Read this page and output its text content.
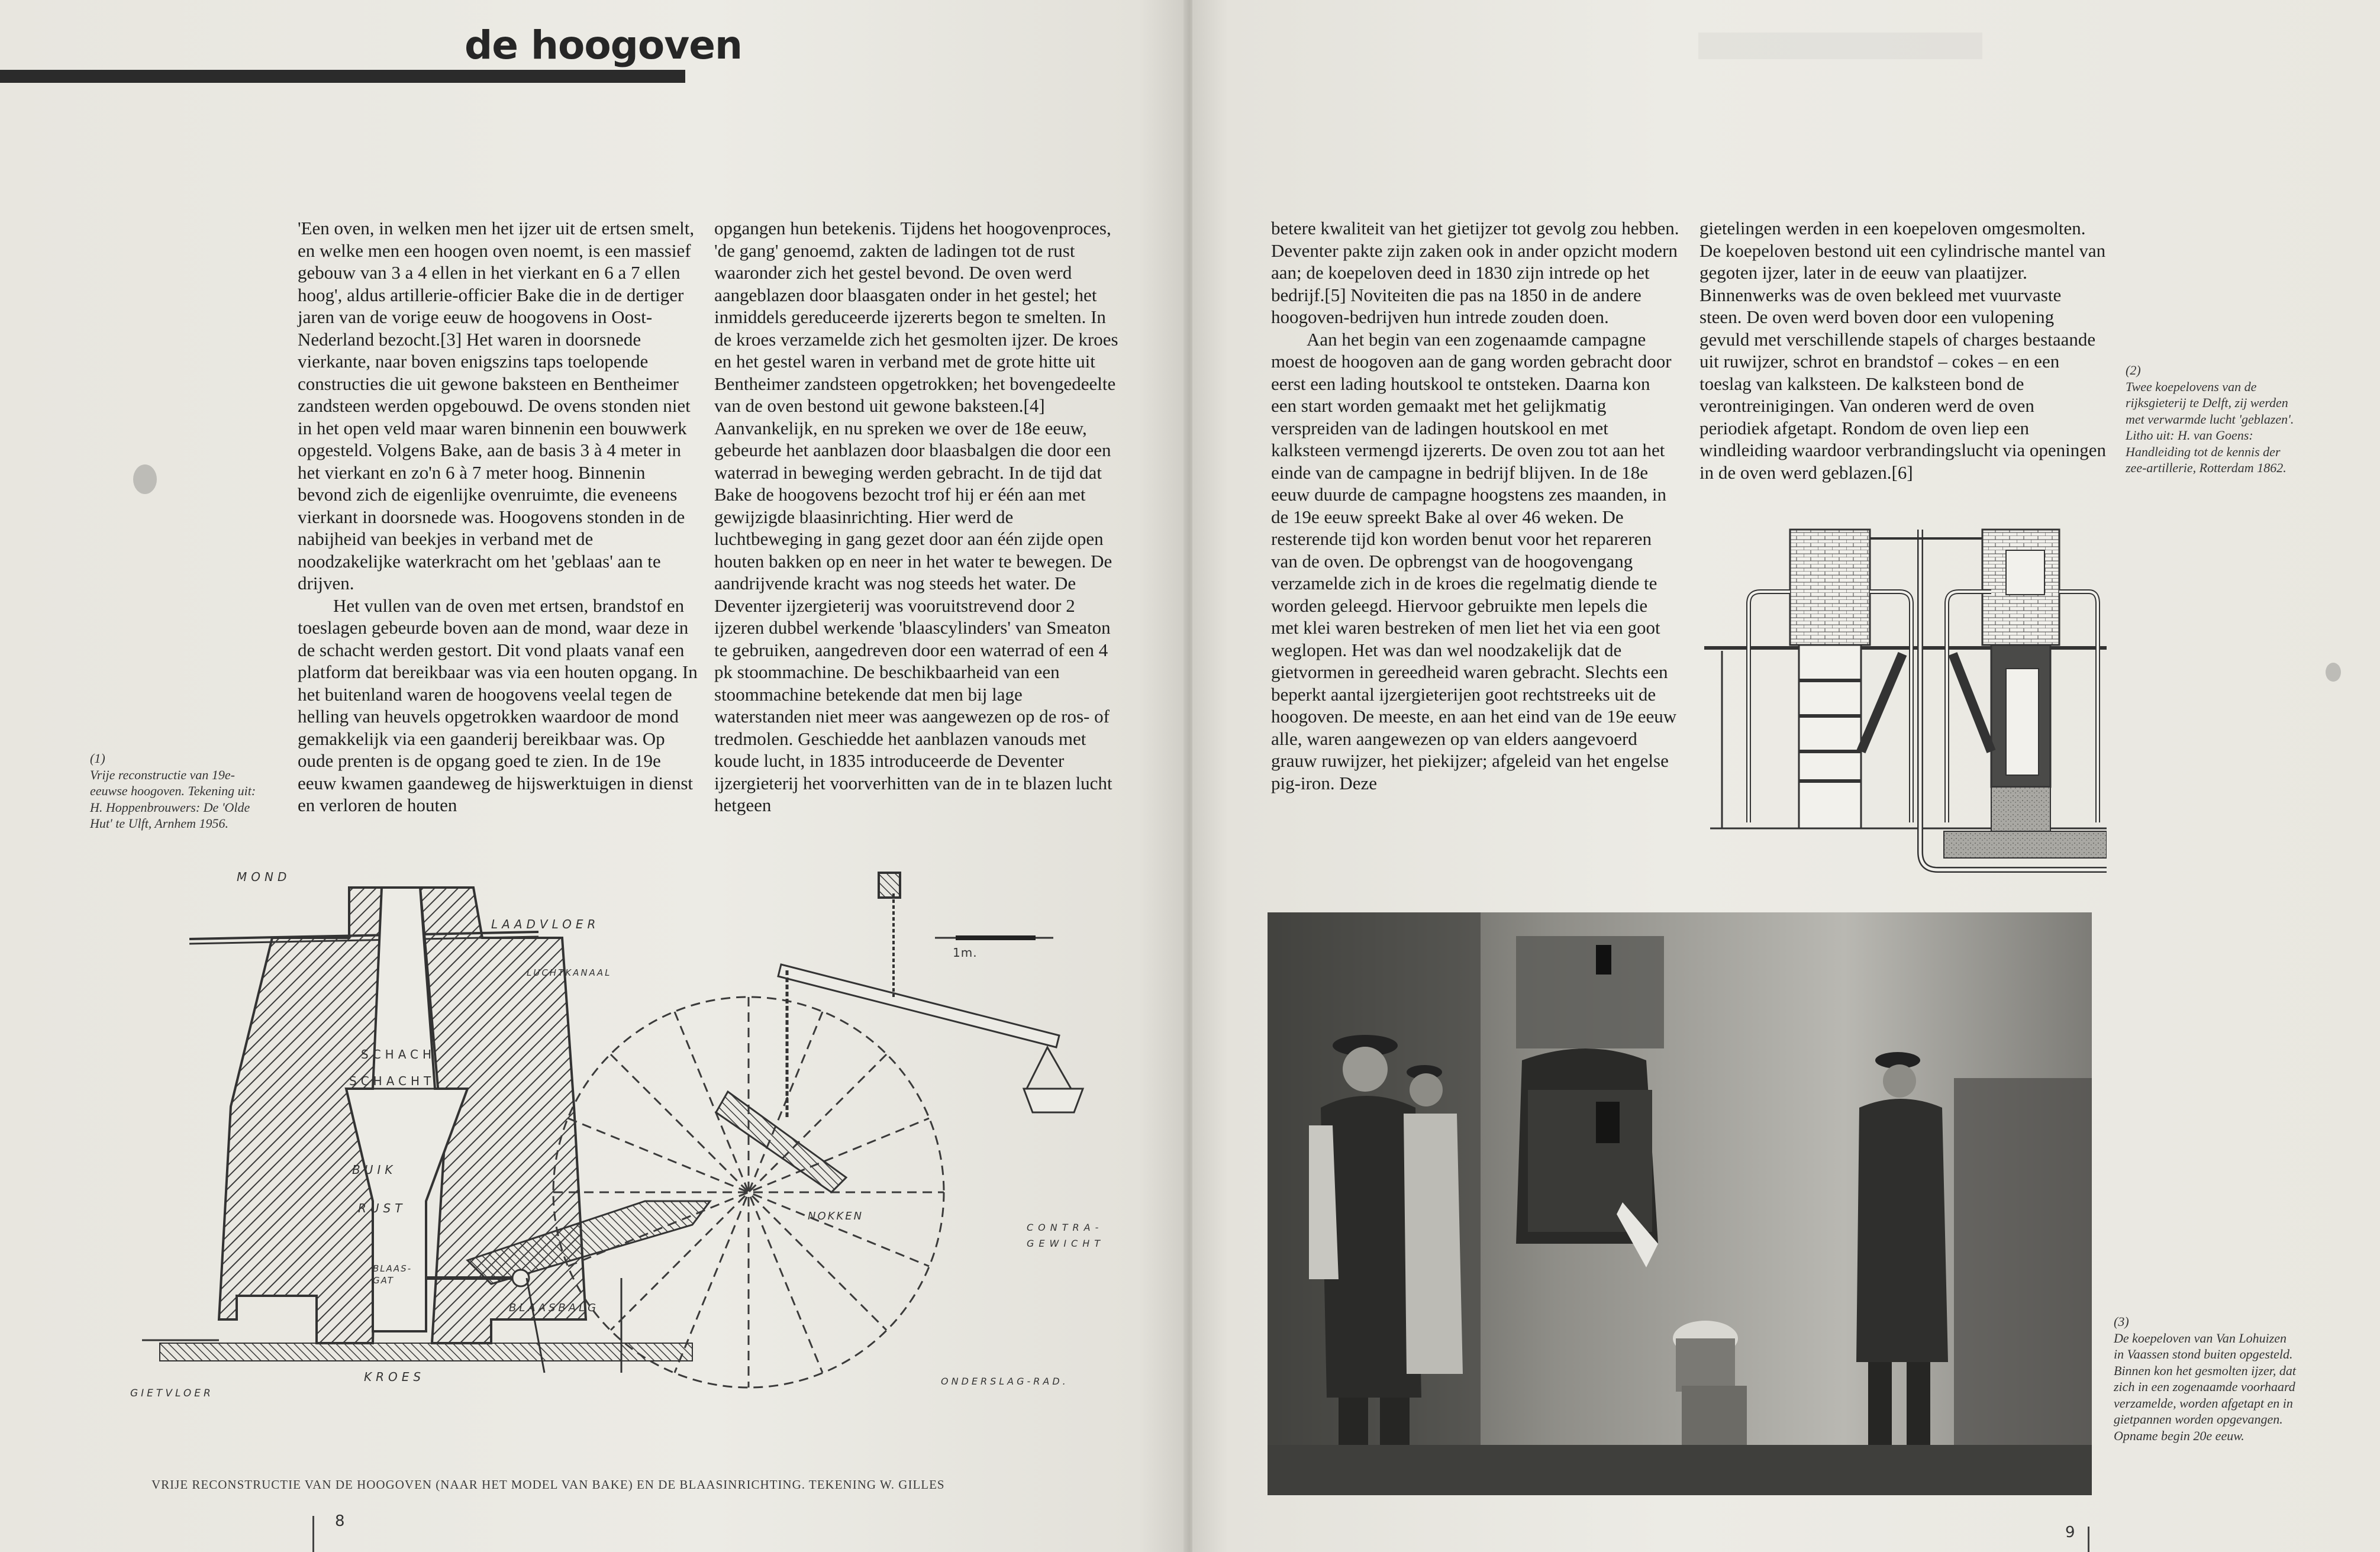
de hoogoven

'Een oven, in welken men het ijzer uit de ertsen smelt, en welke men een hoogen oven noemt, is een massief gebouw van 3 a 4 ellen in het vierkant en 6 a 7 ellen hoog', aldus artillerie-officier Bake die in de dertiger jaren van de vorige eeuw de hoogovens in Oost-Nederland bezocht.[3] Het waren in doorsnede vierkante, naar boven enigszins taps toelopende constructies die uit gewone baksteen en Bentheimer zandsteen werden opgebouwd. De ovens stonden niet in het open veld maar waren binnenin een bouwwerk opgesteld. Volgens Bake, aan de basis 3 à 4 meter in het vierkant en zo'n 6 à 7 meter hoog. Binnenin bevond zich de eigenlijke ovenruimte, die eveneens vierkant in doorsnede was. Hoogovens stonden in de nabijheid van beekjes in verband met de noodzakelijke waterkracht om het 'geblaas' aan te drijven.

Het vullen van de oven met ertsen, brandstof en toeslagen gebeurde boven aan de mond, waar deze in de schacht werden gestort. Dit vond plaats vanaf een platform dat bereikbaar was via een houten opgang. In het buitenland waren de hoogovens veelal tegen de helling van heuvels opgetrokken waardoor de mond gemakkelijk via een gaanderij bereikbaar was. Op oude prenten is de opgang goed te zien. In de 19e eeuw kwamen gaandeweg de hijswerktuigen in dienst en verloren de houten

opgangen hun betekenis. Tijdens het hoogovenproces, 'de gang' genoemd, zakten de ladingen tot de rust waaronder zich het gestel bevond. De oven werd aangeblazen door blaasgaten onder in het gestel; het inmiddels gereduceerde ijzererts begon te smelten. In de kroes verzamelde zich het gesmolten ijzer. De kroes en het gestel waren in verband met de grote hitte uit Bentheimer zandsteen opgetrokken; het bovengedeelte van de oven bestond uit gewone baksteen.[4] Aanvankelijk, en nu spreken we over de 18e eeuw, gebeurde het aanblazen door blaasbalgen die door een waterrad in beweging werden gebracht. In de tijd dat Bake de hoogovens bezocht trof hij er één aan met gewijzigde blaasinrichting. Hier werd de luchtbeweging in gang gezet door aan één zijde open houten bakken op en neer in het water te bewegen. De aandrijvende kracht was nog steeds het water. De Deventer ijzergieterij was vooruitstrevend door 2 ijzeren dubbel werkende 'blaascylinders' van Smeaton te gebruiken, aangedreven door een waterrad of een 4 pk stoommachine. De beschikbaarheid van een stoommachine betekende dat men bij lage waterstanden niet meer was aangewezen op de ros- of tredmolen. Geschiedde het aanblazen vanouds met koude lucht, in 1835 introduceerde de Deventer ijzergieterij het voorverhitten van de in te blazen lucht hetgeen

(1)
Vrije reconstructie van 19e-eeuwse hoogoven. Tekening uit: H. Hoppenbrouwers: De 'Olde Hut' te Ulft, Arnhem 1956.
MOND
LAADVLOER
LUCHTKANAAL
SCHACH
SCHACHT
BUIK
RUST
BLAAS-
GAT
KROES
GIETVLOER
BLAASBALG
NOKKEN
CONTRA-
GEWICHT
ONDERSLAG-RAD.
1m.
VRIJE RECONSTRUCTIE VAN DE HOOGOVEN (NAAR HET MODEL VAN BAKE) EN DE BLAASINRICHTING. TEKENING W. GILLES
8

betere kwaliteit van het gietijzer tot gevolg zou hebben. Deventer pakte zijn zaken ook in ander opzicht modern aan; de koepeloven deed in 1830 zijn intrede op het bedrijf.[5] Noviteiten die pas na 1850 in de andere hoogoven-bedrijven hun intrede zouden doen.

Aan het begin van een zogenaamde campagne moest de hoogoven aan de gang worden gebracht door eerst een lading houtskool te ontsteken. Daarna kon een start worden gemaakt met het gelijkmatig verspreiden van de ladingen houtskool en met kalksteen vermengd ijzererts. De oven zou tot aan het einde van de campagne in bedrijf blijven. In de 18e eeuw duurde de campagne hoogstens zes maanden, in de 19e eeuw spreekt Bake al over 46 weken. De resterende tijd kon worden benut voor het repareren van de oven. De opbrengst van de hoogovengang verzamelde zich in de kroes die regelmatig diende te worden geleegd. Hiervoor gebruikte men lepels die met klei waren bestreken of men liet het via een goot weglopen. Het was dan wel noodzakelijk dat de gietvormen in gereedheid waren gebracht. Slechts een beperkt aantal ijzergieterijen goot rechtstreeks uit de hoogoven. De meeste, en aan het eind van de 19e eeuw alle, waren aangewezen op van elders aangevoerd grauw ruwijzer, het piekijzer; afgeleid van het engelse pig-iron. Deze

gietelingen werden in een koepeloven omgesmolten. De koepeloven bestond uit een cylindrische mantel van gegoten ijzer, later in de eeuw van plaatijzer. Binnenwerks was de oven bekleed met vuurvaste steen. De oven werd boven door een vulopening gevuld met verschillende stapels of charges bestaande uit ruwijzer, schrot en brandstof – cokes – en een toeslag van kalksteen. De kalksteen bond de verontreinigingen. Van onderen werd de oven periodiek afgetapt. Rondom de oven liep een windleiding waardoor verbrandingslucht via openingen in de oven werd geblazen.[6]

(2)
Twee koepelovens van de rijksgieterij te Delft, zij werden met verwarmde lucht 'geblazen'. Litho uit: H. van Goens: Handleiding tot de kennis der zee-artillerie, Rotterdam 1862.
(3)
De koepeloven van Van Lohuizen in Vaassen stond buiten opgesteld. Binnen kon het gesmolten ijzer, dat zich in een zogenaamde voorhaard verzamelde, worden afgetapt en in gietpannen worden opgevangen. Opname begin 20e eeuw.
9
